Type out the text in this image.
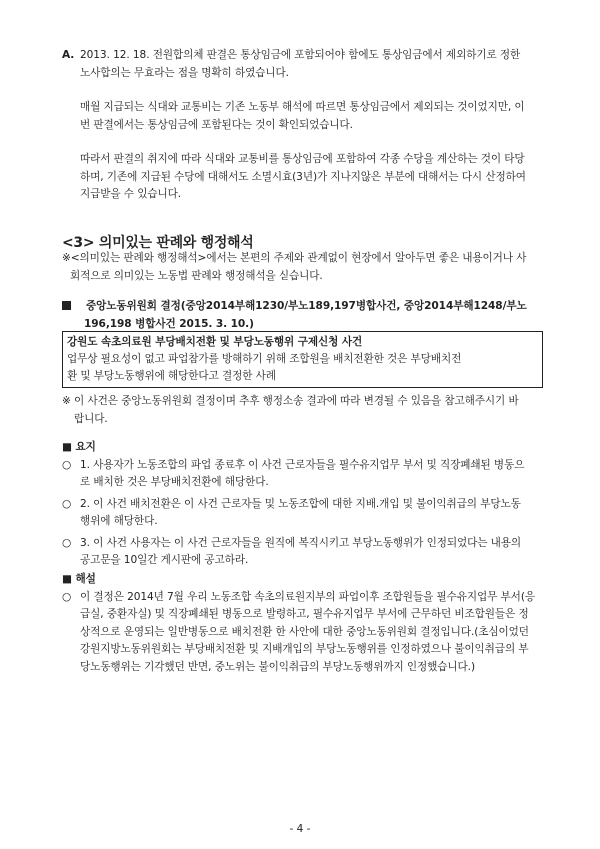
A. 2013. 12. 18. 전원합의체 판결은 통상임금에 포함되어야 함에도 통상임금에서 제외하기로 정한
노사합의는 무효라는 점을 명확히 하였습니다.
매월 지급되는 식대와 교통비는 기존 노동부 해석에 따르면 통상임금에서 제외되는 것이었지만, 이
번 판결에서는 통상임금에 포함된다는 것이 확인되었습니다.
따라서 판결의 취지에 따라 식대와 교통비를 통상임금에 포함하여 각종 수당을 계산하는 것이 타당
하며, 기존에 지급된 수당에 대해서도 소멸시효(3년)가 지나지않은 부분에 대해서는 다시 산정하여
지급받을 수 있습니다.
<3> 의미있는 판례와 행정해석
※<의미있는 판례와 행정해석>에서는 본편의 주제와 관계없이 현장에서 알아두면 좋은 내용이거나 사
회적으로 의미있는 노동법 판례와 행정해석을 싣습니다.
중앙노동위원회 결정(중앙2014부해1230/부노189,197병합사건, 중앙2014부해1248/부노
196,198 병합사건 2015. 3. 10.)
강원도 속초의료원 부당배치전환 및 부당노동행위 구제신청 사건
업무상 필요성이 없고 파업참가를 방해하기 위해 조합원을 배치전환한 것은 부당배치전
환 및 부당노동행위에 해당한다고 결정한 사례
※ 이 사건은 중앙노동위원회 결정이며 추후 행정소송 결과에 따라 변경될 수 있음을 참고해주시기 바
랍니다.
■ 요지
○ 1. 사용자가 노동조합의 파업 종료후 이 사건 근로자들을 필수유지업무 부서 및 직장폐쇄된 병동으
로 배치한 것은 부당배치전환에 해당한다.
○ 2. 이 사건 배치전환은 이 사건 근로자들 및 노동조합에 대한 지배.개입 및 불이익취급의 부당노동
행위에 해당한다.
○ 3. 이 사건 사용자는 이 사건 근로자들을 원직에 복직시키고 부당노동행위가 인정되었다는 내용의
공고문을 10일간 게시판에 공고하라.
■ 해설
○ 이 결정은 2014년 7월 우리 노동조합 속초의료원지부의 파업이후 조합원들을 필수유지업무 부서(응
급실, 중환자실) 및 직장폐쇄된 병동으로 발령하고, 필수유지업무 부서에 근무하던 비조합원들은 정
상적으로 운영되는 일반병동으로 배치전환 한 사안에 대한 중앙노동위원회 결정입니다.(초심이었던
강원지방노동위원회는 부당배치전환 및 지배개입의 부당노동행위를 인정하였으나 불이익취급의 부
당노동행위는 기각했던 반면, 중노위는 불이익취급의 부당노동행위까지 인정했습니다.)
- 4 -
